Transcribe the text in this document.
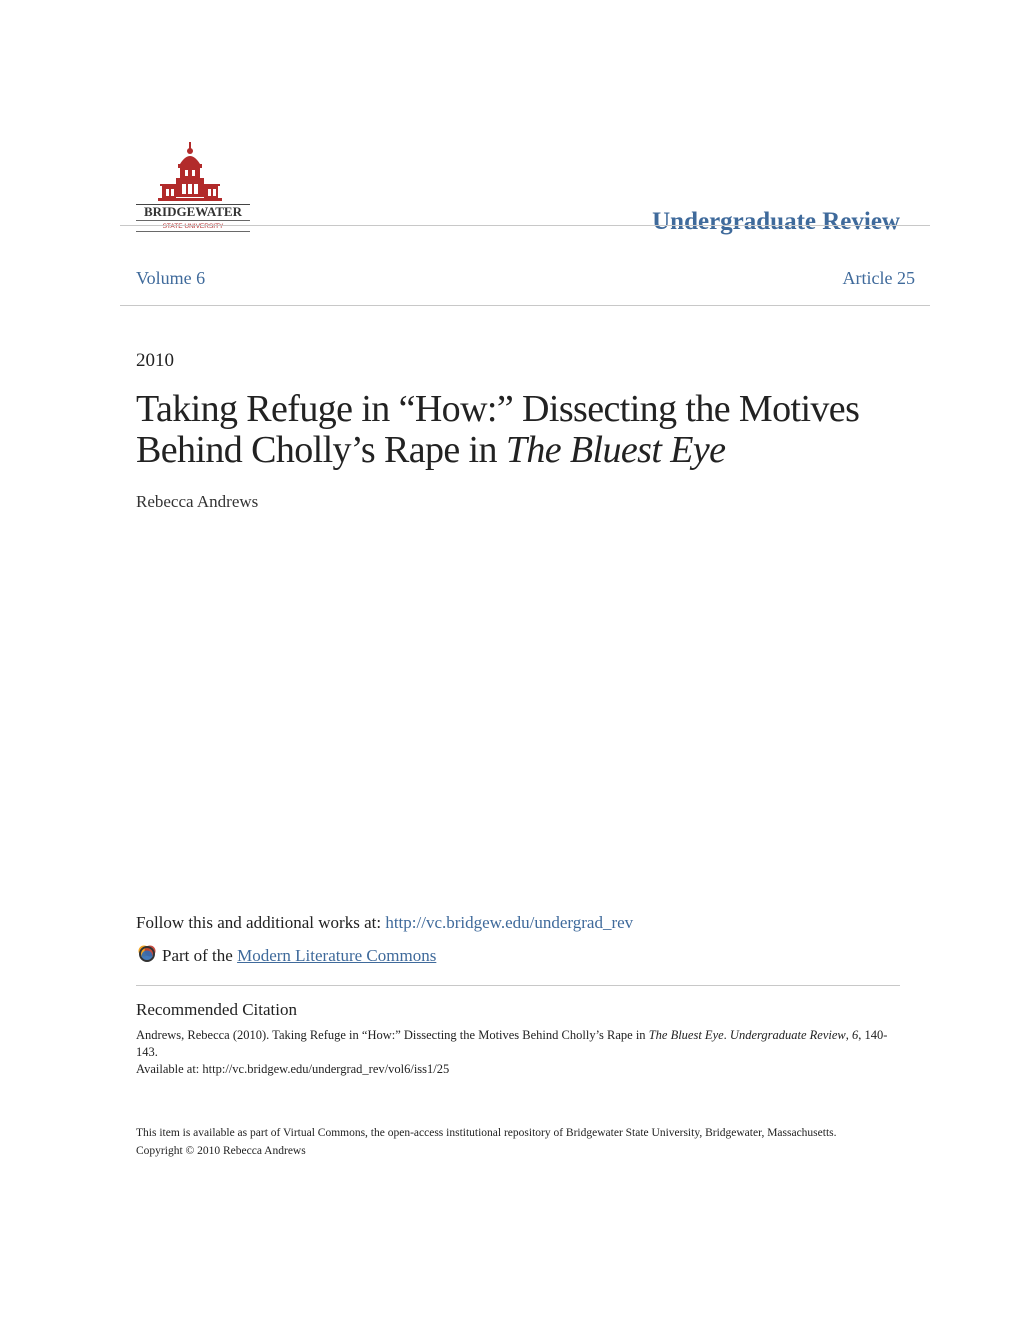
BRIDGEWATER
STATE UNIVERSITY	Undergraduate Review
Volume 6	Article 25
2010
Taking Refuge in “How:” Dissecting the Motives Behind Cholly’s Rape in The Bluest Eye
Rebecca Andrews
Follow this and additional works at: http://vc.bridgew.edu/undergrad_rev
Part of the Modern Literature Commons
Recommended Citation
Andrews, Rebecca (2010). Taking Refuge in “How:” Dissecting the Motives Behind Cholly’s Rape in The Bluest Eye. Undergraduate Review, 6, 140-143.
Available at: http://vc.bridgew.edu/undergrad_rev/vol6/iss1/25
This item is available as part of Virtual Commons, the open-access institutional repository of Bridgewater State University, Bridgewater, Massachusetts.
Copyright © 2010 Rebecca Andrews
